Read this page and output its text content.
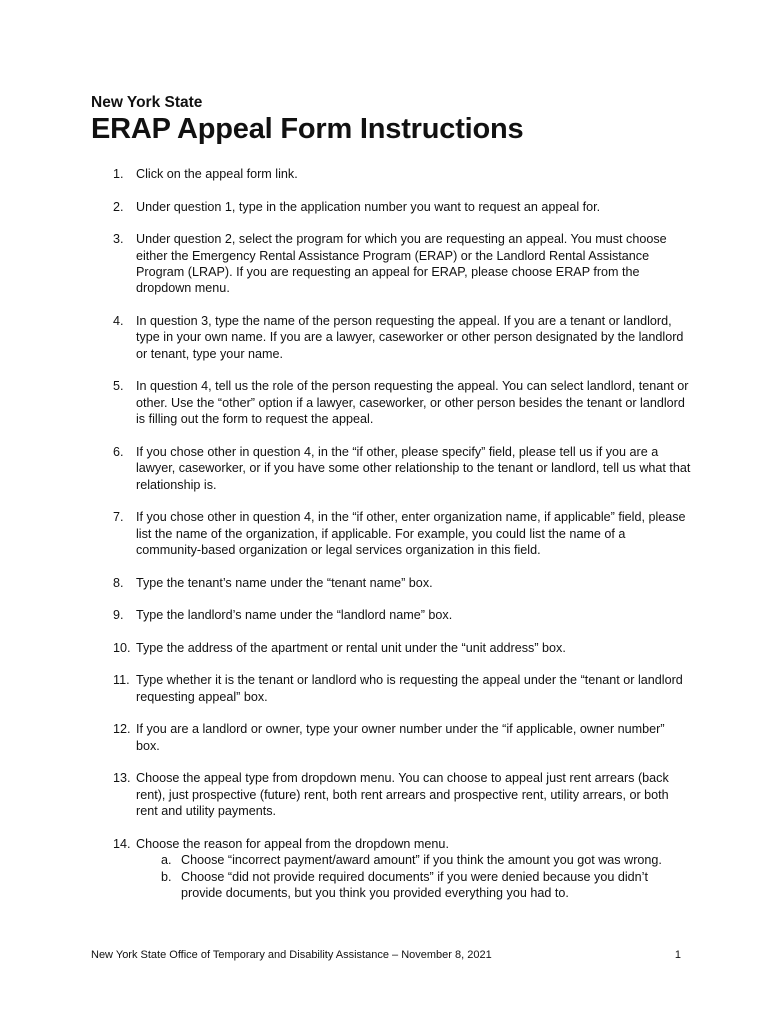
New York State

ERAP Appeal Form Instructions
1. Click on the appeal form link.
2. Under question 1, type in the application number you want to request an appeal for.
3. Under question 2, select the program for which you are requesting an appeal. You must choose either the Emergency Rental Assistance Program (ERAP) or the Landlord Rental Assistance Program (LRAP). If you are requesting an appeal for ERAP, please choose ERAP from the dropdown menu.
4. In question 3, type the name of the person requesting the appeal. If you are a tenant or landlord, type in your own name. If you are a lawyer, caseworker or other person designated by the landlord or tenant, type your name.
5. In question 4, tell us the role of the person requesting the appeal. You can select landlord, tenant or other. Use the “other” option if a lawyer, caseworker, or other person besides the tenant or landlord is filling out the form to request the appeal.
6. If you chose other in question 4, in the “if other, please specify” field, please tell us if you are a lawyer, caseworker, or if you have some other relationship to the tenant or landlord, tell us what that relationship is.
7. If you chose other in question 4, in the “if other, enter organization name, if applicable” field, please list the name of the organization, if applicable. For example, you could list the name of a community-based organization or legal services organization in this field.
8. Type the tenant’s name under the “tenant name” box.
9. Type the landlord’s name under the “landlord name” box.
10. Type the address of the apartment or rental unit under the “unit address” box.
11. Type whether it is the tenant or landlord who is requesting the appeal under the “tenant or landlord requesting appeal” box.
12. If you are a landlord or owner, type your owner number under the “if applicable, owner number” box.
13. Choose the appeal type from dropdown menu. You can choose to appeal just rent arrears (back rent), just prospective (future) rent, both rent arrears and prospective rent, utility arrears, or both rent and utility payments.
14. Choose the reason for appeal from the dropdown menu.
a. Choose “incorrect payment/award amount” if you think the amount you got was wrong.
b. Choose “did not provide required documents” if you were denied because you didn’t provide documents, but you think you provided everything you had to.
New York State Office of Temporary and Disability Assistance – November 8, 2021	1
